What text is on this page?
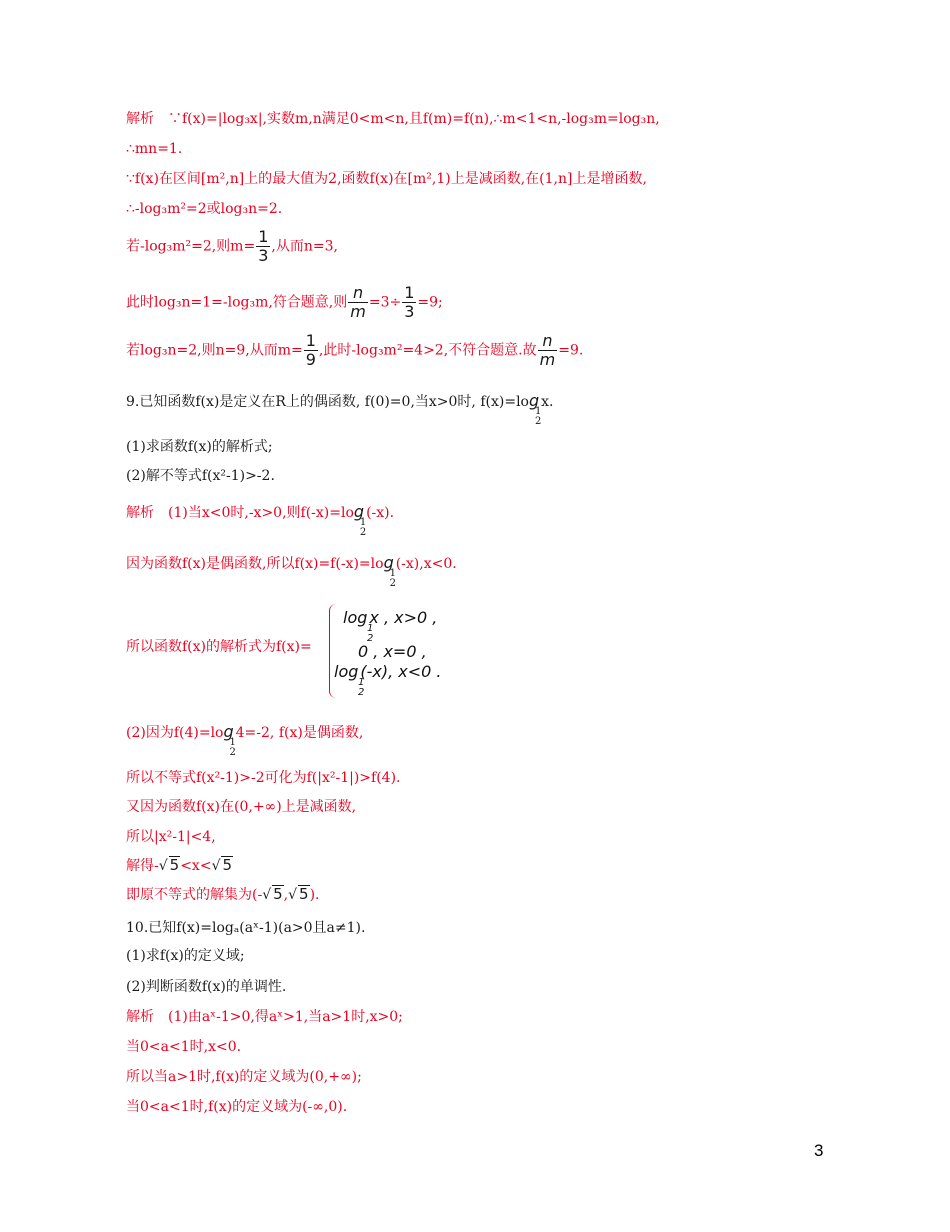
解析　∵f(x)=|log₃x|,实数m,n满足0<m<n,且f(m)=f(n),∴m<1<n,-log₃m=log₃n,
∴mn=1.
∵f(x)在区间[m²,n]上的最大值为2,函数f(x)在[m²,1)上是减函数,在(1,n]上是增函数,
∴-log₃m²=2或log₃n=2.
若-log₃m²=2,则$m= \frac{1}{3}$ ,从而n=3,
此时log₃n=1=-log₃m,符合题意,则 $\frac{n}{m} =3\div \frac{1}{3} =9$;
若log₃n=2,则n=9,从而$m= \frac{1}{9}$ ,此时-log₃m²=4>2,不符合题意.故 $\frac{n}{m} =9$.
9.已知函数f(x)是定义在R上的偶函数, f(0)=0,当x>0时, f(x)=log
1
2
x.
(1)求函数f(x)的解析式;
(2)解不等式f(x²-1)>-2.
解析　(1)当x<0时,-x>0,则f(-x)=log
1
2
(-x).
因为函数f(x)是偶函数,所以f(x)=f(-x)=log
1
2
(-x),x<0.
所以函数f(x)的解析式为f(x)=
log
1
2
x , x>0 ,
0 , x=0 ,
log
1
2
(-x), x<0 .
(2)因为f(4)=log
1
2
4=-2, f(x)是偶函数,
所以不等式f(x²-1)>-2可化为f(|x²-1|)>f(4).
又因为函数f(x)在(0,+∞)上是减函数,
所以|x²-1|<4,
解得-√ 5<x<√ 5
即原不等式的解集为(-√ 5,√ 5).
10.已知f(x)=logₐ(aˣ-1)(a>0且a≠1).
(1)求f(x)的定义域;
(2)判断函数f(x)的单调性.
解析　(1)由aˣ-1>0,得aˣ>1,当a>1时,x>0;
当0<a<1时,x<0.
所以当a>1时,f(x)的定义域为(0,+∞);
当0<a<1时,f(x)的定义域为(-∞,0).
3
